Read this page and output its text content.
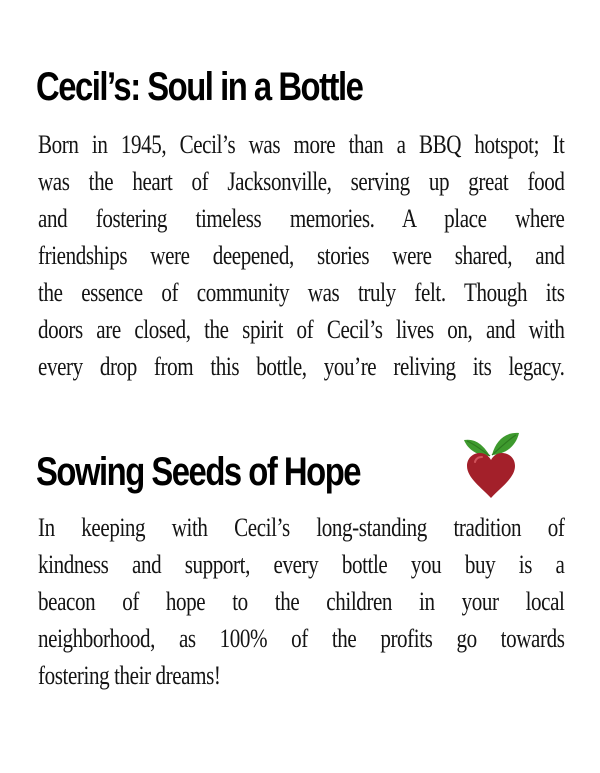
Cecil’s: Soul in a Bottle

Born in 1945, Cecil’s was more than a BBQ hotspot; It
was the heart of Jacksonville, serving up great food
and fostering timeless memories. A place where
friendships were deepened, stories were shared, and
the essence of community was truly felt. Though its
doors are closed, the spirit of Cecil’s lives on, and with
every drop from this bottle, you’re reliving its legacy.

Sowing Seeds of Hope

In keeping with Cecil’s long-standing tradition of
kindness and support, every bottle you buy is a
beacon of hope to the children in your local
neighborhood, as 100% of the profits go towards
fostering their dreams!
